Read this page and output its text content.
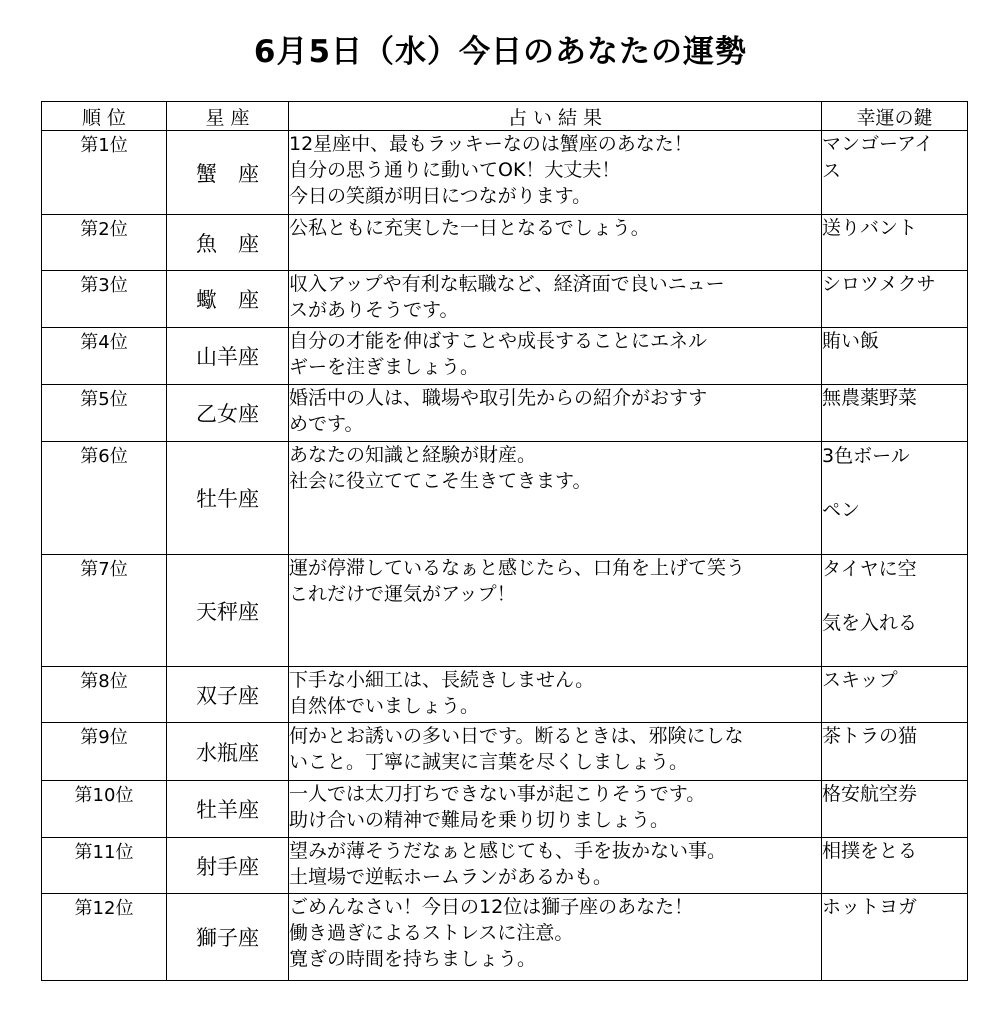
6月5日（水）今日のあなたの運勢
順 位	星 座	占 い 結 果	幸運の鍵
第1位	蟹　座	12星座中、最もラッキーなのは蟹座のあなた！
自分の思う通りに動いてOK！大丈夫！
今日の笑顔が明日につながります。	マンゴーアイ
ス

第2位	魚　座	公私ともに充実した一日となるでしょう。	送りバント

第3位	蠍　座	収入アップや有利な転職など、経済面で良いニュー
スがありそうです。	シロツメクサ

第4位	山羊座	自分の才能を伸ばすことや成長することにエネル
ギーを注ぎましょう。	賄い飯

第5位	乙女座	婚活中の人は、職場や取引先からの紹介がおすす
めです。	無農薬野菜

第6位	牡牛座	あなたの知識と経験が財産。
社会に役立ててこそ生きてきます。	3色ボール
ペン

第7位	天秤座	運が停滞しているなぁと感じたら、口角を上げて笑う
これだけで運気がアップ！	タイヤに空
気を入れる

第8位	双子座	下手な小細工は、長続きしません。
自然体でいましょう。	スキップ

第9位	水瓶座	何かとお誘いの多い日です。断るときは、邪険にしな
いこと。丁寧に誠実に言葉を尽くしましょう。	茶トラの猫

第10位	牡羊座	一人では太刀打ちできない事が起こりそうです。
助け合いの精神で難局を乗り切りましょう。	格安航空券

第11位	射手座	望みが薄そうだなぁと感じても、手を抜かない事。
土壇場で逆転ホームランがあるかも。	相撲をとる

第12位	獅子座	ごめんなさい！今日の12位は獅子座のあなた！
働き過ぎによるストレスに注意。
寛ぎの時間を持ちましょう。	ホットヨガ
